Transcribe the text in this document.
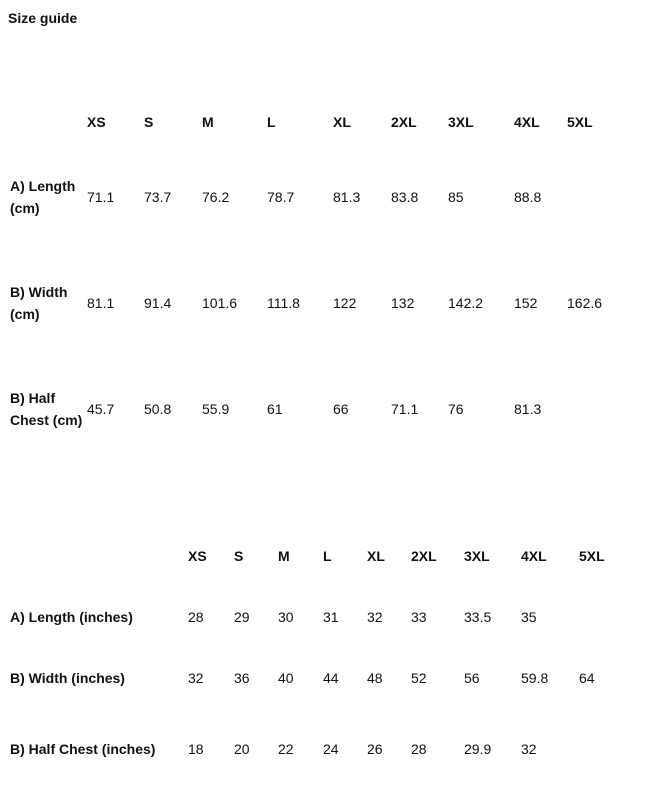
Size guide
	XS	S	M	L	XL	2XL	3XL	4XL	5XL
A) Length (cm)	71.1	73.7	76.2	78.7	81.3	83.8	85	88.8	
B) Width (cm)	81.1	91.4	101.6	111.8	122	132	142.2	152	162.6
B) Half Chest (cm)	45.7	50.8	55.9	61	66	71.1	76	81.3	
	XS	S	M	L	XL	2XL	3XL	4XL	5XL
A) Length (inches)	28	29	30	31	32	33	33.5	35	
B) Width (inches)	32	36	40	44	48	52	56	59.8	64
B) Half Chest (inches)	18	20	22	24	26	28	29.9	32	
